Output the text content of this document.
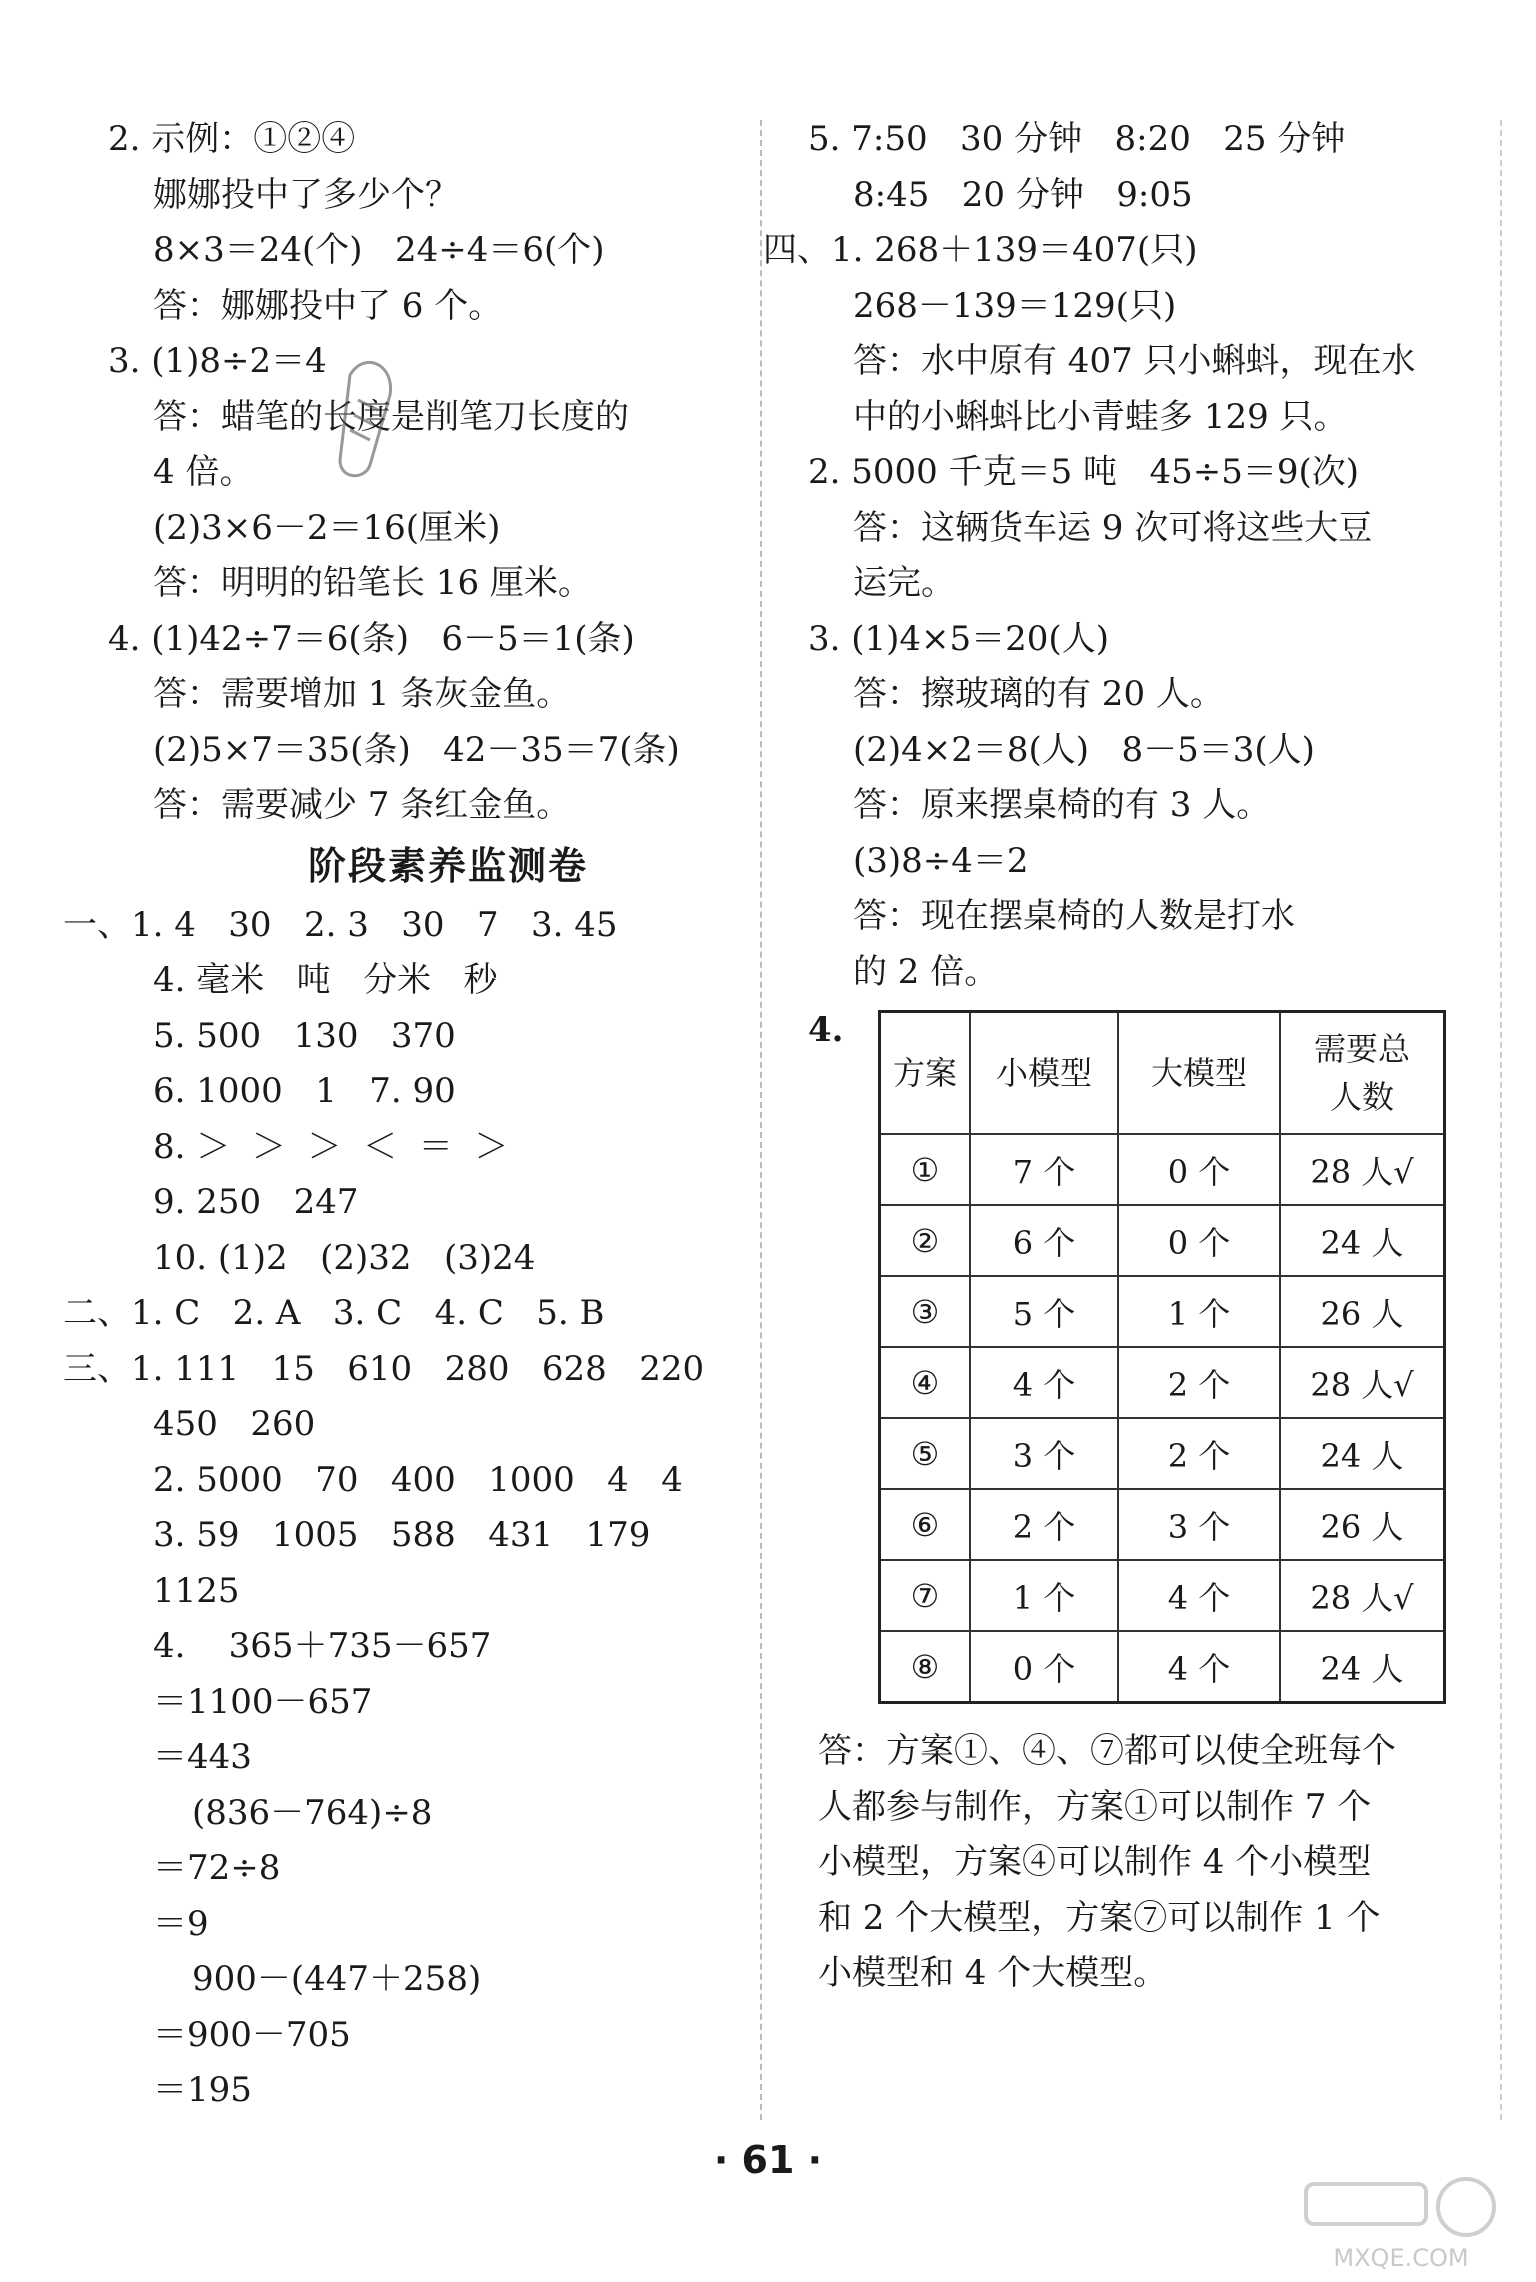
2. 示例：①②④
娜娜投中了多少个？
8×3＝24(个)   24÷4＝6(个)
答：娜娜投中了 6 个。
3. (1)8÷2＝4
答：蜡笔的长度是削笔刀长度的
4 倍。
(2)3×6－2＝16(厘米)
答：明明的铅笔长 16 厘米。
4. (1)42÷7＝6(条)   6－5＝1(条)
答：需要增加 1 条灰金鱼。
(2)5×7＝35(条)   42－35＝7(条)
答：需要减少 7 条红金鱼。
阶段素养监测卷
一、1. 4   30   2. 3   30   7   3. 45
4. 毫米   吨   分米   秒
5. 500   130   370
6. 1000   1   7. 90
8. ＞  ＞  ＞  ＜  ＝  ＞
9. 250   247
10. (1)2   (2)32   (3)24
二、1. C   2. A   3. C   4. C   5. B
三、1. 111   15   610   280   628   220
450   260
2. 5000   70   400   1000   4   4
3. 59   1005   588   431   179
1125
4.    365＋735－657
＝1100－657
＝443
(836－764)÷8
＝72÷8
＝9
900－(447＋258)
＝900－705
＝195
5. 7:50   30 分钟   8:20   25 分钟
8:45   20 分钟   9:05
四、1. 268＋139＝407(只)
268－139＝129(只)
答：水中原有 407 只小蝌蚪，现在水
中的小蝌蚪比小青蛙多 129 只。
2. 5000 千克＝5 吨   45÷5＝9(次)
答：这辆货车运 9 次可将这些大豆
运完。
3. (1)4×5＝20(人)
答：擦玻璃的有 20 人。
(2)4×2＝8(人)   8－5＝3(人)
答：原来摆桌椅的有 3 人。
(3)8÷4＝2
答：现在摆桌椅的人数是打水
的 2 倍。
4.
方案	小模型	大模型	需要总人数
①	7 个	0 个	28 人√
②	6 个	0 个	24 人
③	5 个	1 个	26 人
④	4 个	2 个	28 人√
⑤	3 个	2 个	24 人
⑥	2 个	3 个	26 人
⑦	1 个	4 个	28 人√
⑧	0 个	4 个	24 人
答：方案①、④、⑦都可以使全班每个
人都参与制作，方案①可以制作 7 个
小模型，方案④可以制作 4 个小模型
和 2 个大模型，方案⑦可以制作 1 个
小模型和 4 个大模型。
· 61 ·
MXQE.COM
